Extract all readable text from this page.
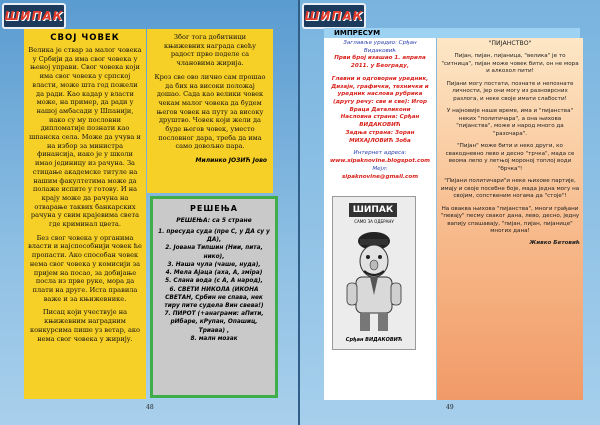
ШИПАК
СВОЈ ЧОВЕК

Велика је ствар за малог човека у Србији да има свог човека у њеној управи. Свог човека који има свог човека у српској власти, може шта год пожели да ради. Као кадар у власти може, на пример, да ради у нашој амбасади у Шпанији, иако су му пословни дипломатије познати као шпанска села. Може да учува и на избор за министра финансија, иако је у школи имао јединицу из рачуна. За стицање академске титуле на нашим факултетима може да полаже испите у готову. И на крају може да рачуна на отварање таквих банкарских рачуна у свим крајевима света где криминал цвета.

Без свог човека у органима власти и најспособнији човек ће пропасти. Ако способан човек нема свог човека у комисији за пријем на посао, за добијање посла из прве руке, мора да плати на друге. Иста правила важе и за књижевнике.

Писац који учествује на књижевним наградним конкурсима пише уз ветар, ако нема свог човека у жирију.

Због тога добитници књижевних награда свећу радост прво поделе са члановима жирија.

Кроз све ово лично сам прошао да бих на високи положај дошао. Сада као велики човек чекам малог човека да будем његов човек на путу за високу друштво. Човек који жели да буде његов човек, уместо пословног дара, треба да има само довољно пара.

Милинко ЈОЗИЋ Јово
РЕШЕЊА
РЕШЕЊА: са 5 стране
1. пресуда суда (пре С, у ДА су у ДА),
2. Јована Типшин (Нии, пита, нико),
3. Наша чула (чаше, нуда),
4. Мела Ајаца (аха, А, зміра)
5. Слана вода (с А, А народ),
6. СВЕТИ НИКОЛА (ИКОНА СВЕТАН, Србин не спава, нек тиру пите судела Вин свева!)
7. ПИРОТ (+анаграми: аПити, рИбаре, кРупан, Опашиц, Триава) ,
8. малн мозак
48
ШИПАК
ИМПРЕСУМ
Заглавље урадио: Срђан Видаковић
Први број изашао 1. априла 2011. у Београду,
Главни и одговорни уредник, Дизајн, графички, технички и уредник наслова рубрика (другу речу: све и све): Игор Враца Даталикони
Насловна страна: Срђан ВИДАКОВИЋ
Задња страна: Зоран МИХАЈЛОВИЋ Зоба
Интернет адреса:
www.sipaknovine.blogspot.com
Мејл:
sipaknovine@gmail.com
ШИПАК
САМО ЗА ОДБРАНУ
Срђан ВИДАКОВИЋ
"ПИЈАНСТВО"

Пијан, пијан, пијаница, "велика" је то "ситница", пијан може човек бити, он не мора и алкохол пити!

Пијани могу постати, познате и непознате личности, јер они могу из разноврсних разлога, и неке своје имати слабости!

У најновије наше време, има и "пијанства" неких "политичара", а она њихова "пијанства", може и народ много да "разочара".

"Пијан" може бити и неко други, ко свакодневно лево и десно "трчка", мада се веома лепо у летњој мороној топлој води "брчка"!

"Пијани политичари"и неке њихове партије, имају и своје посебне боје, мада једна могу на својим, сопственим ногама да "стоје"!

На оваква њихова "пијанства", многи грађани "певају" песму сваког дана, лево, десно, једну вапију спашавају, "пијан, пијан, пијанице" многих дана!

Живко Бетовић
49
